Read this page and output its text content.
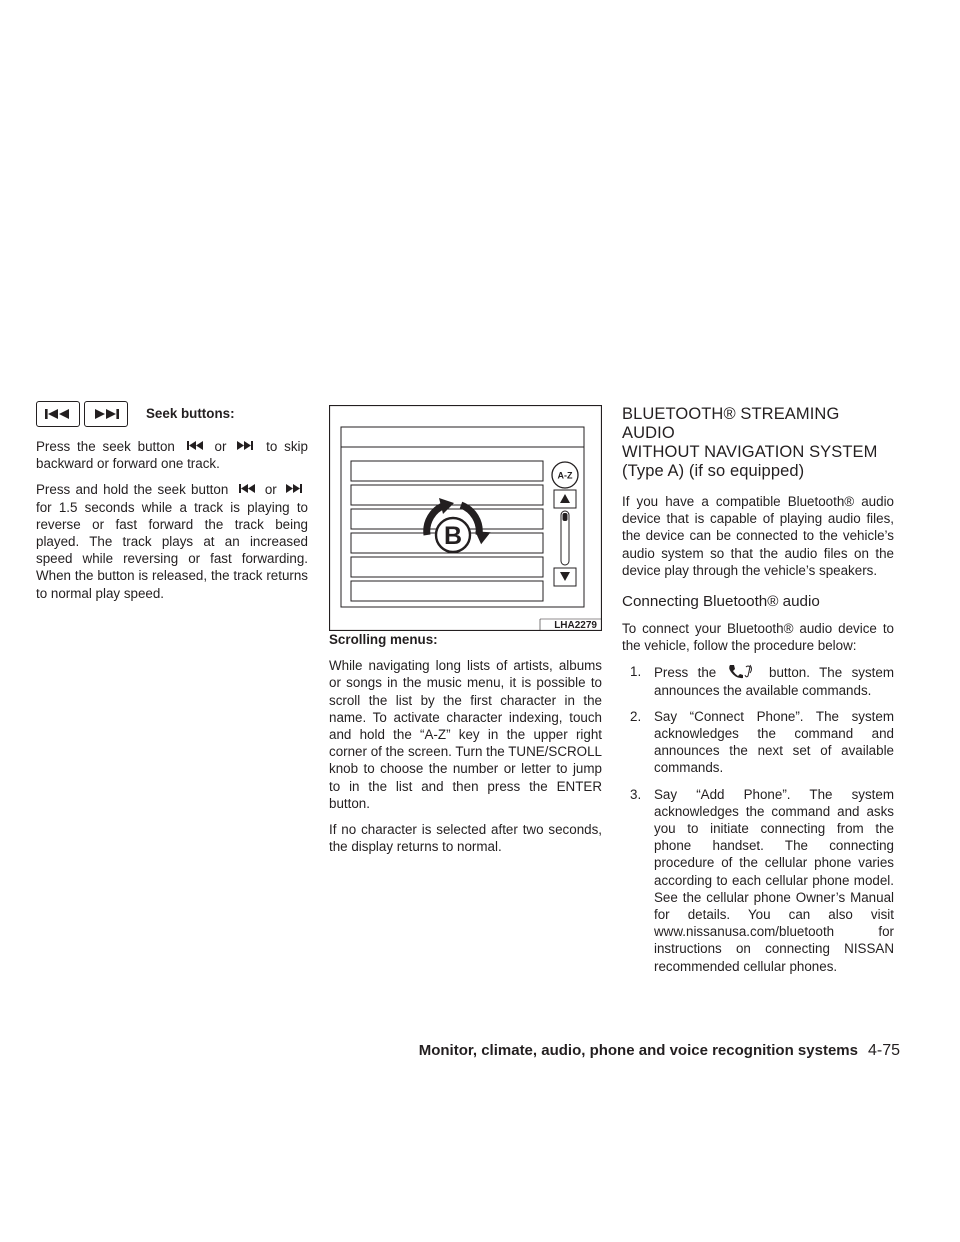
Seek buttons:

Press the seek button	or	to skip backward or forward one track.

Press and hold the seek button	or
for 1.5 seconds while a track is playing to reverse or fast forward the track being played. The track plays at an increased speed while reversing or fast forwarding. When the button is released, the track returns to normal play speed.

A-Z
B
LHA2279

Scrolling menus:

While navigating long lists of artists, albums or songs in the music menu, it is possible to scroll the list by the first character in the name. To activate character indexing, touch and hold the “A-Z” key in the upper right corner of the screen. Turn the TUNE/SCROLL knob to choose the number or letter to jump to in the list and then press the ENTER button.

If no character is selected after two seconds, the display returns to normal.

BLUETOOTH® STREAMING AUDIO
WITHOUT NAVIGATION SYSTEM
(Type A) (if so equipped)

If you have a compatible Bluetooth® audio device that is capable of playing audio files, the device can be connected to the vehicle’s audio system so that the audio files on the device play through the vehicle’s speakers.

Connecting Bluetooth® audio

To connect your Bluetooth® audio device to the vehicle, follow the procedure below:

1. Press the	button. The system announces the available commands.
2. Say “Connect Phone”. The system acknowledges the command and announces the next set of available commands.
3. Say “Add Phone”. The system acknowledges the command and asks you to initiate connecting from the phone handset. The connecting procedure of the cellular phone varies according to each cellular phone model. See the cellular phone Owner’s Manual for details. You can also visit www.nissanusa.com/bluetooth for instructions on connecting NISSAN recommended cellular phones.
Monitor, climate, audio, phone and voice recognition systems 4-75
